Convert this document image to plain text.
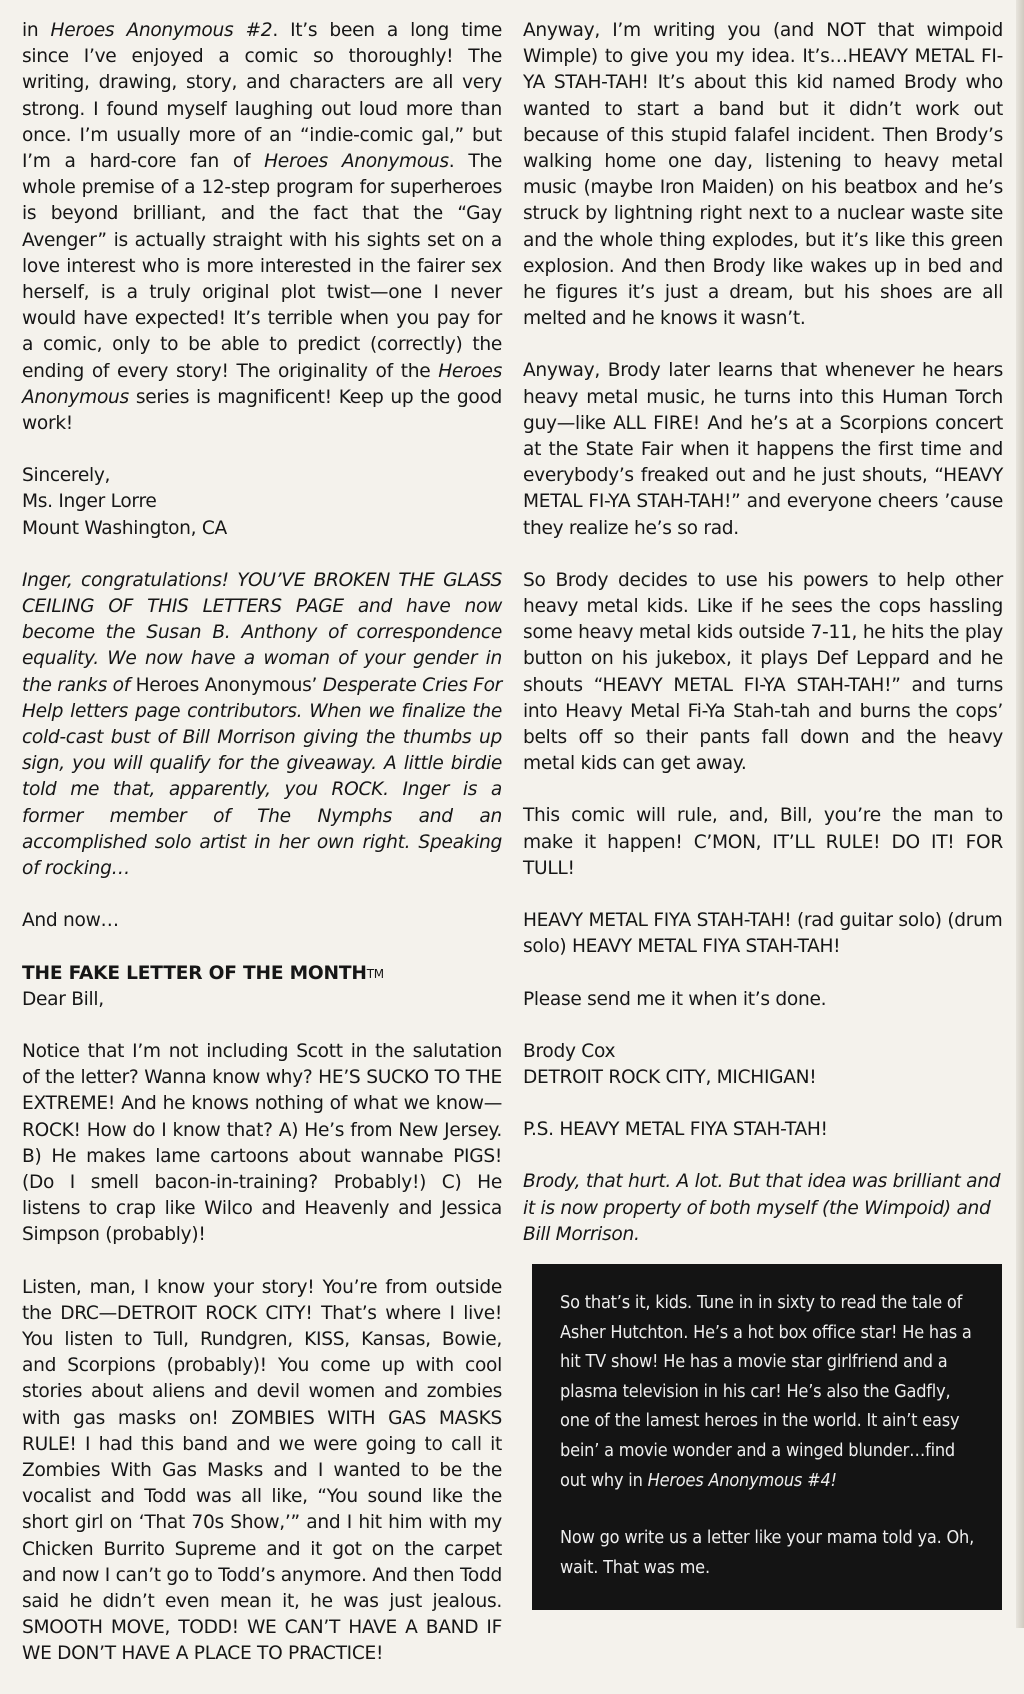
in Heroes Anonymous #2. It’s been a long time since I’ve enjoyed a comic so thoroughly! The writing, drawing, story, and characters are all very strong. I found myself laughing out loud more than once. I’m usually more of an “indie-comic gal,” but I’m a hard-core fan of Heroes Anonymous. The whole premise of a 12-step program for superheroes is beyond brilliant, and the fact that the “Gay Avenger” is actually straight with his sights set on a love interest who is more interested in the fairer sex herself, is a truly original plot twist—one I never would have expected! It’s terrible when you pay for a comic, only to be able to predict (correctly) the ending of every story! The originality of the Heroes Anonymous series is magnificent! Keep up the good work!

Sincerely,
Ms. Inger Lorre
Mount Washington, CA

Inger, congratulations! YOU’VE BROKEN THE GLASS CEILING OF THIS LETTERS PAGE and have now become the Susan B. Anthony of correspondence equality. We now have a woman of your gender in the ranks of Heroes Anonymous’ Desperate Cries For Help letters page contributors. When we finalize the cold-cast bust of Bill Morrison giving the thumbs up sign, you will qualify for the giveaway. A little birdie told me that, apparently, you ROCK. Inger is a former member of The Nymphs and an accomplished solo artist in her own right. Speaking of rocking…

And now…

THE FAKE LETTER OF THE MONTH™

Dear Bill,

Notice that I’m not including Scott in the salutation of the letter? Wanna know why? HE’S SUCKO TO THE EXTREME! And he knows nothing of what we know—ROCK! How do I know that? A) He’s from New Jersey. B) He makes lame cartoons about wannabe PIGS! (Do I smell bacon-in-training? Probably!) C) He listens to crap like Wilco and Heavenly and Jessica Simpson (probably)!

Listen, man, I know your story! You’re from outside the DRC—DETROIT ROCK CITY! That’s where I live! You listen to Tull, Rundgren, KISS, Kansas, Bowie, and Scorpions (probably)! You come up with cool stories about aliens and devil women and zombies with gas masks on! ZOMBIES WITH GAS MASKS RULE! I had this band and we were going to call it Zombies With Gas Masks and I wanted to be the vocalist and Todd was all like, “You sound like the short girl on ‘That 70s Show,’” and I hit him with my Chicken Burrito Supreme and it got on the carpet and now I can’t go to Todd’s anymore. And then Todd said he didn’t even mean it, he was just jealous. SMOOTH MOVE, TODD! WE CAN’T HAVE A BAND IF WE DON’T HAVE A PLACE TO PRACTICE!

Anyway, I’m writing you (and NOT that wimpoid Wimple) to give you my idea. It’s…HEAVY METAL FI-YA STAH-TAH! It’s about this kid named Brody who wanted to start a band but it didn’t work out because of this stupid falafel incident. Then Brody’s walking home one day, listening to heavy metal music (maybe Iron Maiden) on his beatbox and he’s struck by lightning right next to a nuclear waste site and the whole thing explodes, but it’s like this green explosion. And then Brody like wakes up in bed and he figures it’s just a dream, but his shoes are all melted and he knows it wasn’t.

Anyway, Brody later learns that whenever he hears heavy metal music, he turns into this Human Torch guy—like ALL FIRE! And he’s at a Scorpions concert at the State Fair when it happens the first time and everybody’s freaked out and he just shouts, “HEAVY METAL FI-YA STAH-TAH!” and everyone cheers ’cause they realize he’s so rad.

So Brody decides to use his powers to help other heavy metal kids. Like if he sees the cops hassling some heavy metal kids outside 7-11, he hits the play button on his jukebox, it plays Def Leppard and he shouts “HEAVY METAL FI-YA STAH-TAH!” and turns into Heavy Metal Fi-Ya Stah-tah and burns the cops’ belts off so their pants fall down and the heavy metal kids can get away.

This comic will rule, and, Bill, you’re the man to make it happen! C’MON, IT’LL RULE! DO IT! FOR TULL!

HEAVY METAL FIYA STAH-TAH! (rad guitar solo) (drum solo) HEAVY METAL FIYA STAH-TAH!

Please send me it when it’s done.

Brody Cox
DETROIT ROCK CITY, MICHIGAN!

P.S. HEAVY METAL FIYA STAH-TAH!

Brody, that hurt. A lot. But that idea was brilliant and it is now property of both myself (the Wimpoid) and Bill Morrison.

So that’s it, kids. Tune in in sixty to read the tale of Asher Hutchton. He’s a hot box office star! He has a hit TV show! He has a movie star girlfriend and a plasma television in his car! He’s also the Gadfly, one of the lamest heroes in the world. It ain’t easy bein’ a movie wonder and a winged blunder…find out why in Heroes Anonymous #4!

Now go write us a letter like your mama told ya. Oh, wait. That was me.
